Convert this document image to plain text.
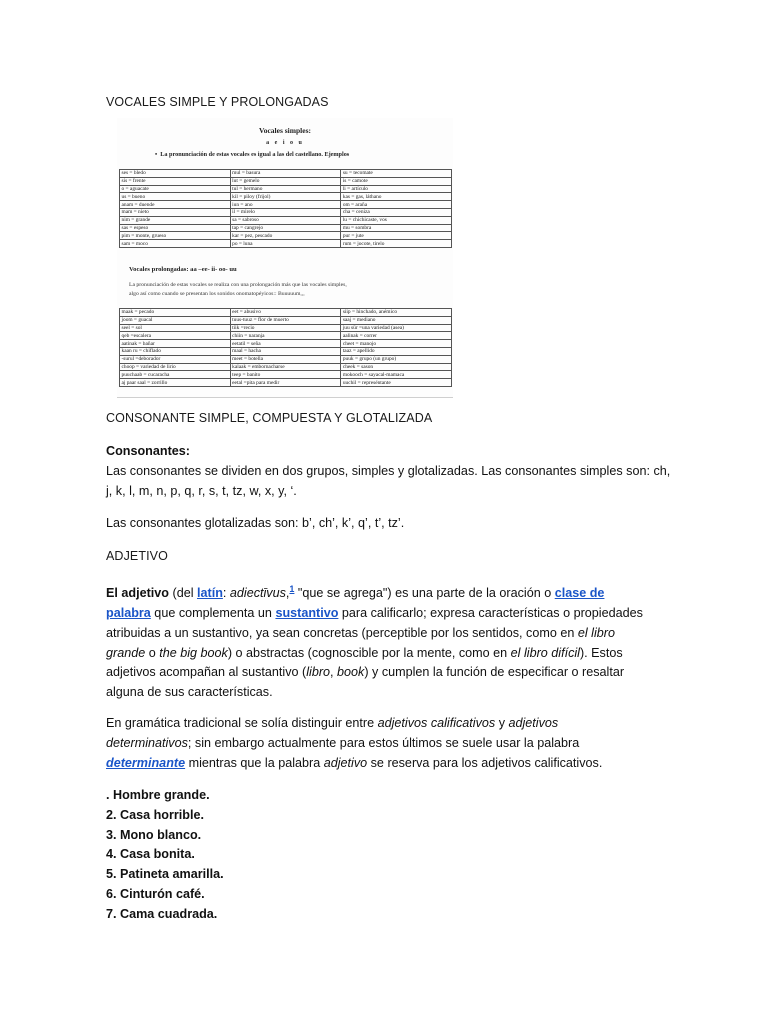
VOCALES SIMPLE Y PROLONGADAS
Vocales simples:
a e i o u
•  La pronunciación de estas vocales es igual a las del castellano. Ejemplos
ses = bledo	mul = basura	su = tecomate
sis = frente	lut = gemelo	is = camote
o = aguacate	tul = hermano	li = artículo
us = bueno	kil = piloy (frijol)	kas = gas, láthano
anam = duende	iun = ano	om = araña
mam = nieto	il = mirelo	cha = ceniza
nim = grande	sa = sabroso	lu = chichicaste, vos
sas = espeso	tap = cangrejo	mu = sombra
pim = monte, grueso	kar = pez, pescado	pur = jute
sam = moco	po = luna	rum = jocote, tirelo
Vocales prolongadas: aa –ee- ii- oo- uu
La pronunciación de estas vocales se realiza con una prolongación más que las vocales simples,
algo así como cuando se presentan los sonidos onomatopéyicos:: Buuuuum,,,
maak = pecado	eet = abusivo	siip = hinchado, anémico
joom = guacal	tuus-tuuz = flor de muerto	saaj = mediano
seel = sol	tiik =recio	juu sür =una variedad (asea)
qeb =escalera	chiin = naranja	aalinak = correr
aatinak = bañar	eetatil = seña	cheet = manojo
kaan ru = chiflado	maal = hacha	taaz = apellido
-surul =deborador	meet = botella	puuk = grupo (un grupo)
choop = variedad de lirio	kalaak = embornacharse	cheek = sason
puuchaab = cucaracha	teep = banito	mokooch = sayacal-mamaca
aj paar saal = zorrillo	eetal =pita para medir	uuchil = represéntante
CONSONANTE SIMPLE, COMPUESTA Y GLOTALIZADA
Consonantes:
Las consonantes se dividen en dos grupos, simples y glotalizadas. Las consonantes simples son: ch,
j, k, l, m, n, p, q, r, s, t, tz, w, x, y, ‘.
Las consonantes glotalizadas son: b’, ch’, k’, q’, t’, tz’.
ADJETIVO
El adjetivo (del latín: adiectīvus,$^1$ "que se agrega") es una parte de la oración o clase de palabra que complementa un sustantivo para calificarlo; expresa características o propiedades atribuidas a un sustantivo, ya sean concretas (perceptible por los sentidos, como en el libro grande o the big book) o abstractas (cognoscible por la mente, como en el libro difícil). Estos adjetivos acompañan al sustantivo (libro, book) y cumplen la función de especificar o resaltar alguna de sus características.
En gramática tradicional se solía distinguir entre adjetivos calificativos y adjetivos determinativos; sin embargo actualmente para estos últimos se suele usar la palabra determinante mientras que la palabra adjetivo se reserva para los adjetivos calificativos.
. Hombre grande.
2. Casa horrible.
3. Mono blanco.
4. Casa bonita.
5. Patineta amarilla.
6. Cinturón café.
7. Cama cuadrada.
